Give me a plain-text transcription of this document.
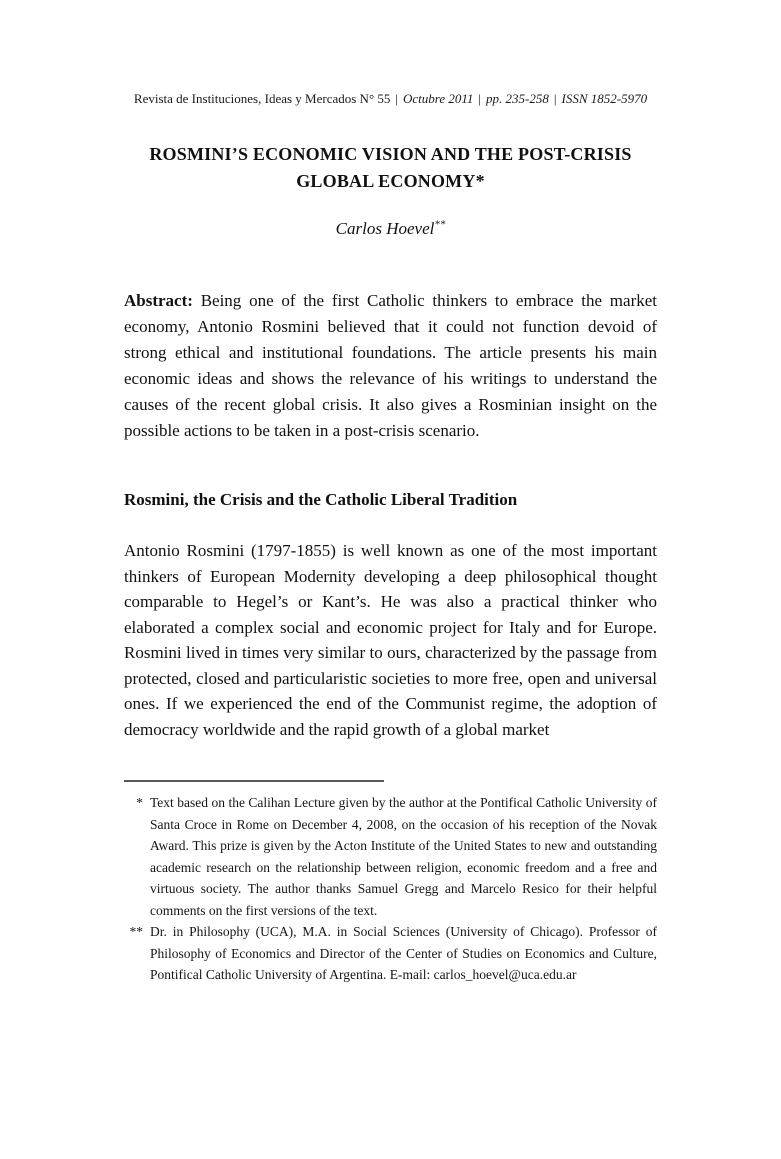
Revista de Instituciones, Ideas y Mercados N° 55 | Octubre 2011 | pp. 235-258 | ISSN 1852-5970
ROSMINI’S ECONOMIC VISION AND THE POST-CRISIS
GLOBAL ECONOMY*
Carlos Hoevel**

Abstract: Being one of the first Catholic thinkers to embrace the market economy, Antonio Rosmini believed that it could not function devoid of strong ethical and institutional foundations. The article presents his main economic ideas and shows the relevance of his writings to understand the causes of the recent global crisis. It also gives a Rosminian insight on the possible actions to be taken in a post-crisis scenario.

Rosmini, the Crisis and the Catholic Liberal Tradition

Antonio Rosmini (1797-1855) is well known as one of the most important thinkers of European Modernity developing a deep philosophical thought comparable to Hegel’s or Kant’s. He was also a practical thinker who elaborated a complex social and economic project for Italy and for Europe. Rosmini lived in times very similar to ours, characterized by the passage from protected, closed and particularistic societies to more free, open and universal ones. If we experienced the end of the Communist regime, the adoption of democracy worldwide and the rapid growth of a global market

* Text based on the Calihan Lecture given by the author at the Pontifical Catholic University of Santa Croce in Rome on December 4, 2008, on the occasion of his reception of the Novak Award. This prize is given by the Acton Institute of the United States to new and outstanding academic research on the relationship between religion, economic freedom and a free and virtuous society. The author thanks Samuel Gregg and Marcelo Resico for their helpful comments on the first versions of the text.
** Dr. in Philosophy (UCA), M.A. in Social Sciences (University of Chicago). Professor of Philosophy of Economics and Director of the Center of Studies on Economics and Culture, Pontifical Catholic University of Argentina. E-mail: carlos_hoevel@uca.edu.ar
